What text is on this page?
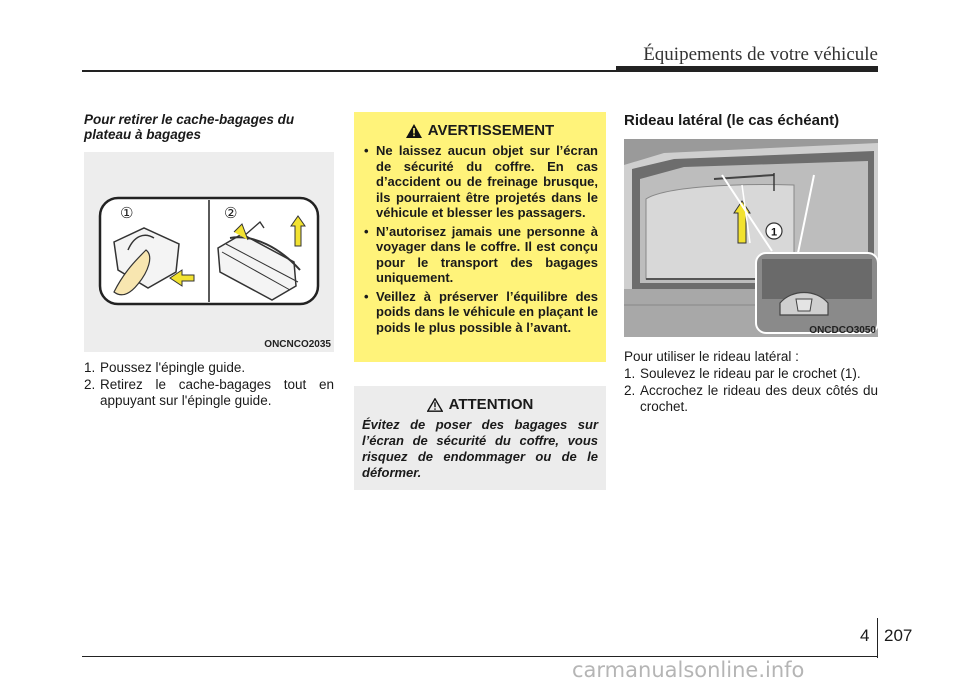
Équipements de votre véhicule

Pour retirer le cache-bagages du plateau à bagages

①	②
ONCNCO2035
1. Poussez l'épingle guide.
2. Retirez le cache-bagages tout en appuyant sur l'épingle guide.
AVERTISSEMENT
• Ne laissez aucun objet sur l’écran de sécurité du coffre. En cas d’accident ou de freinage brusque, ils pourraient être projetés dans le véhicule et blesser les passagers.
• N’autorisez jamais une personne à voyager dans le coffre. Il est conçu pour le transport des bagages uniquement.
• Veillez à préserver l’équilibre des poids dans le véhicule en plaçant le poids le plus possible à l’avant.
ATTENTION

Évitez de poser des bagages sur l’écran de sécurité du coffre, vous risquez de endommager ou de le déformer.

Rideau latéral (le cas échéant)

1
ONCDCO3050

Pour utiliser le rideau latéral :

1. Soulevez le rideau par le crochet (1).
2. Accrochez le rideau des deux côtés du crochet.
4 207
carmanualsonline.info
